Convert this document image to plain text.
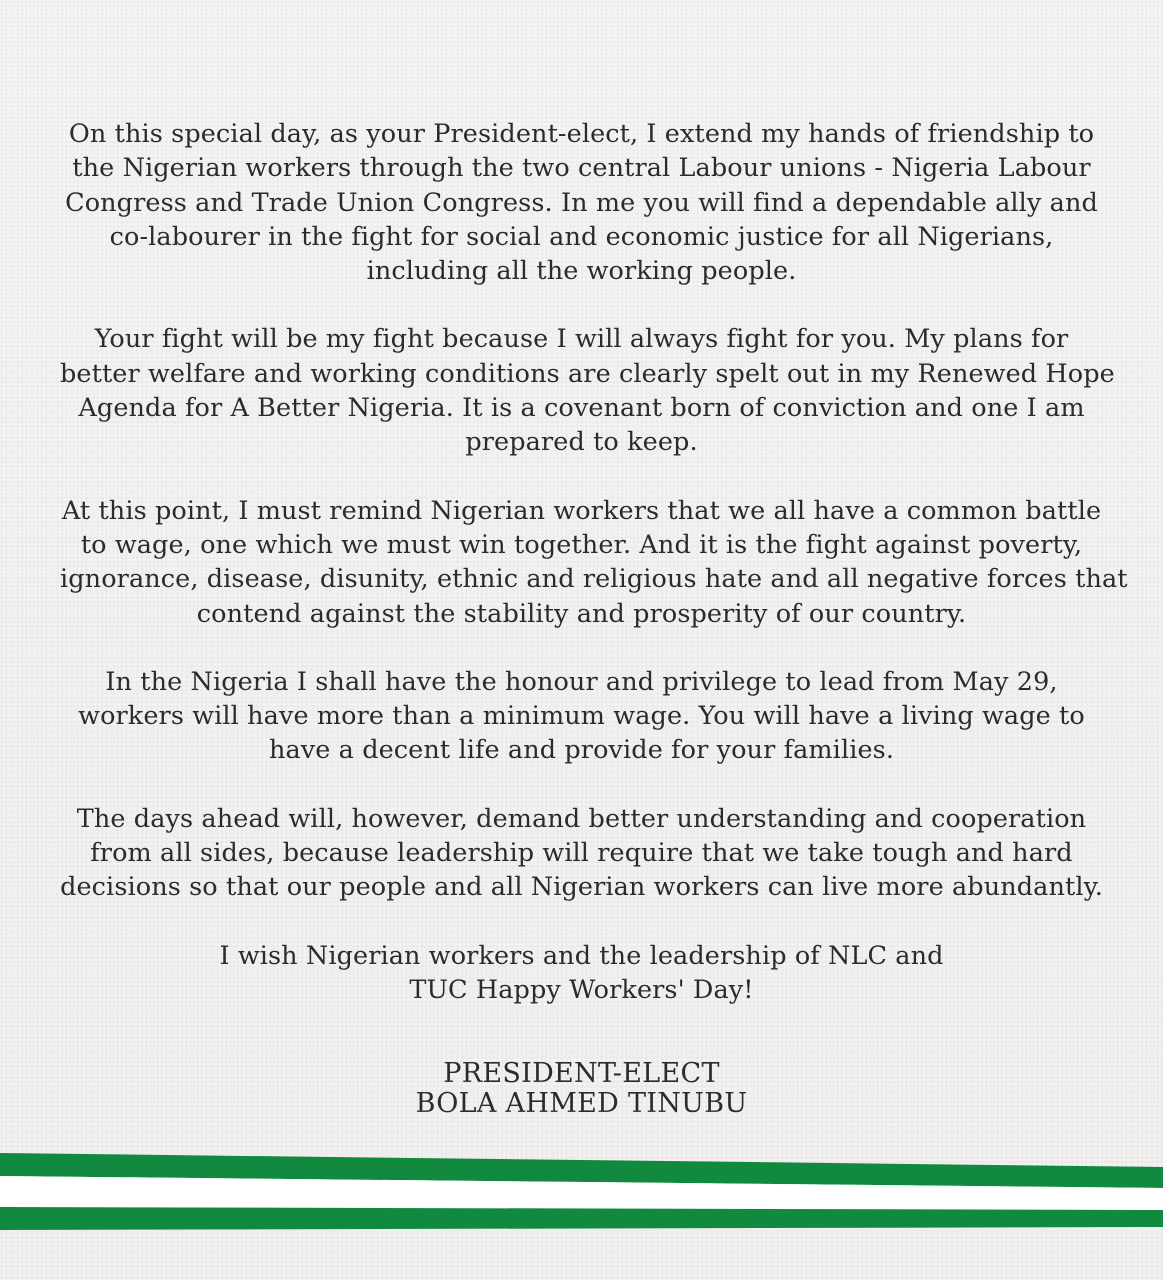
On this special day, as your President-elect, I extend my hands of friendship to
the Nigerian workers through the two central Labour unions - Nigeria Labour
Congress and Trade Union Congress. In me you will find a dependable ally and
co-labourer in the fight for social and economic justice for all Nigerians,
including all the working people.

Your fight will be my fight because I will always fight for you. My plans for
better welfare and working conditions are clearly spelt out in my Renewed Hope
Agenda for A Better Nigeria. It is a covenant born of conviction and one I am
prepared to keep.

At this point, I must remind Nigerian workers that we all have a common battle
to wage, one which we must win together. And it is the fight against poverty,
ignorance, disease, disunity, ethnic and religious hate and all negative forces that
contend against the stability and prosperity of our country.

In the Nigeria I shall have the honour and privilege to lead from May 29,
workers will have more than a minimum wage. You will have a living wage to
have a decent life and provide for your families.

The days ahead will, however, demand better understanding and cooperation
from all sides, because leadership will require that we take tough and hard
decisions so that our people and all Nigerian workers can live more abundantly.

I wish Nigerian workers and the leadership of NLC and
TUC Happy Workers' Day!

PRESIDENT-ELECT
BOLA AHMED TINUBU
